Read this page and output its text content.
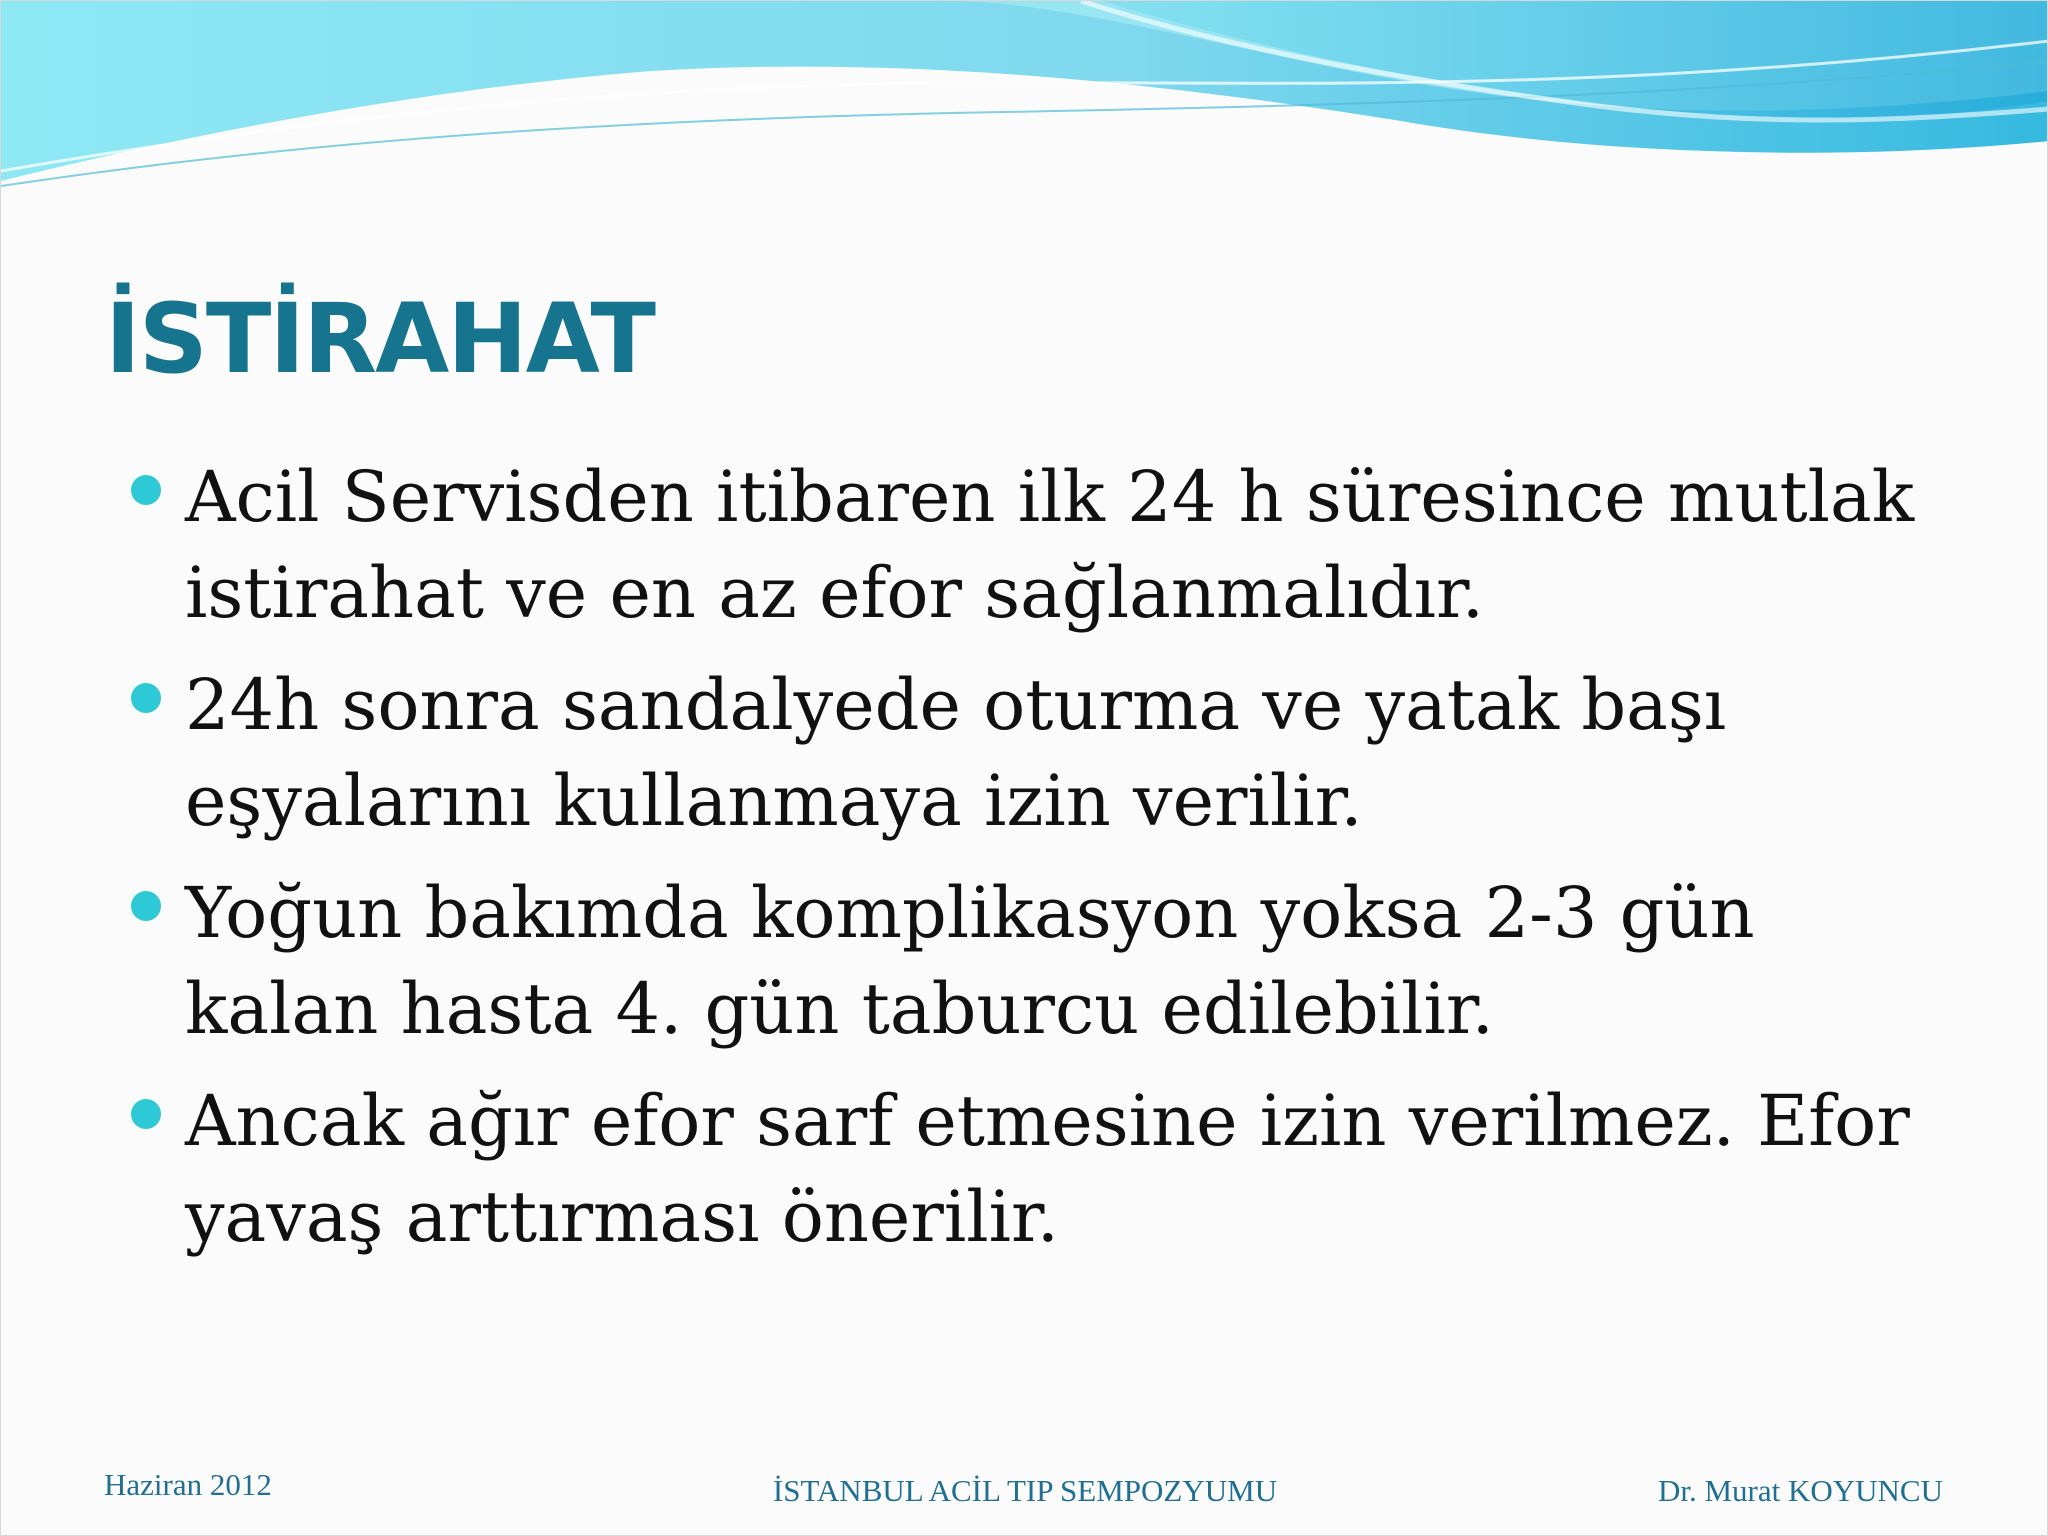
İSTİRAHAT
Acil Servisden itibaren ilk 24 h süresince mutlak istirahat ve en az efor sağlanmalıdır.
24h sonra sandalyede oturma ve yatak başı eşyalarını kullanmaya izin verilir.
Yoğun bakımda komplikasyon yoksa 2-3 gün kalan hasta 4. gün taburcu edilebilir.
Ancak ağır efor sarf etmesine izin verilmez. Efor yavaş arttırması önerilir.
Haziran 2012	İSTANBUL ACİL TIP SEMPOZYUMU	Dr. Murat KOYUNCU
